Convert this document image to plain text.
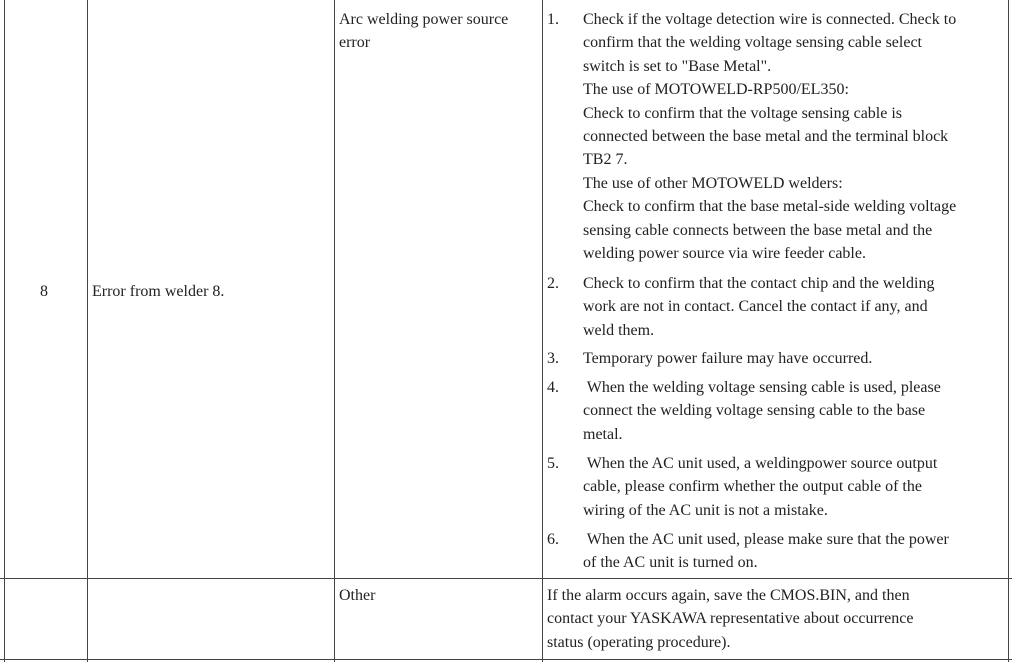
8	Error from welder 8.
Arc welding power source
error
1. Check if the voltage detection wire is connected. Check to
confirm that the welding voltage sensing cable select
switch is set to "Base Metal".
The use of MOTOWELD-RP500/EL350:
Check to confirm that the voltage sensing cable is
connected between the base metal and the terminal block
TB2 7.
The use of other MOTOWELD welders:
Check to confirm that the base metal-side welding voltage
sensing cable connects between the base metal and the
welding power source via wire feeder cable.
2. Check to confirm that the contact chip and the welding
work are not in contact. Cancel the contact if any, and
weld them.
3. Temporary power failure may have occurred.
4. When the welding voltage sensing cable is used, please
connect the welding voltage sensing cable to the base
metal.
5. When the AC unit used, a weldingpower source output
cable, please confirm whether the output cable of the
wiring of the AC unit is not a mistake.
6. When the AC unit used, please make sure that the power
of the AC unit is turned on.
Other	If the alarm occurs again, save the CMOS.BIN, and then
contact your YASKAWA representative about occurrence
status (operating procedure).
